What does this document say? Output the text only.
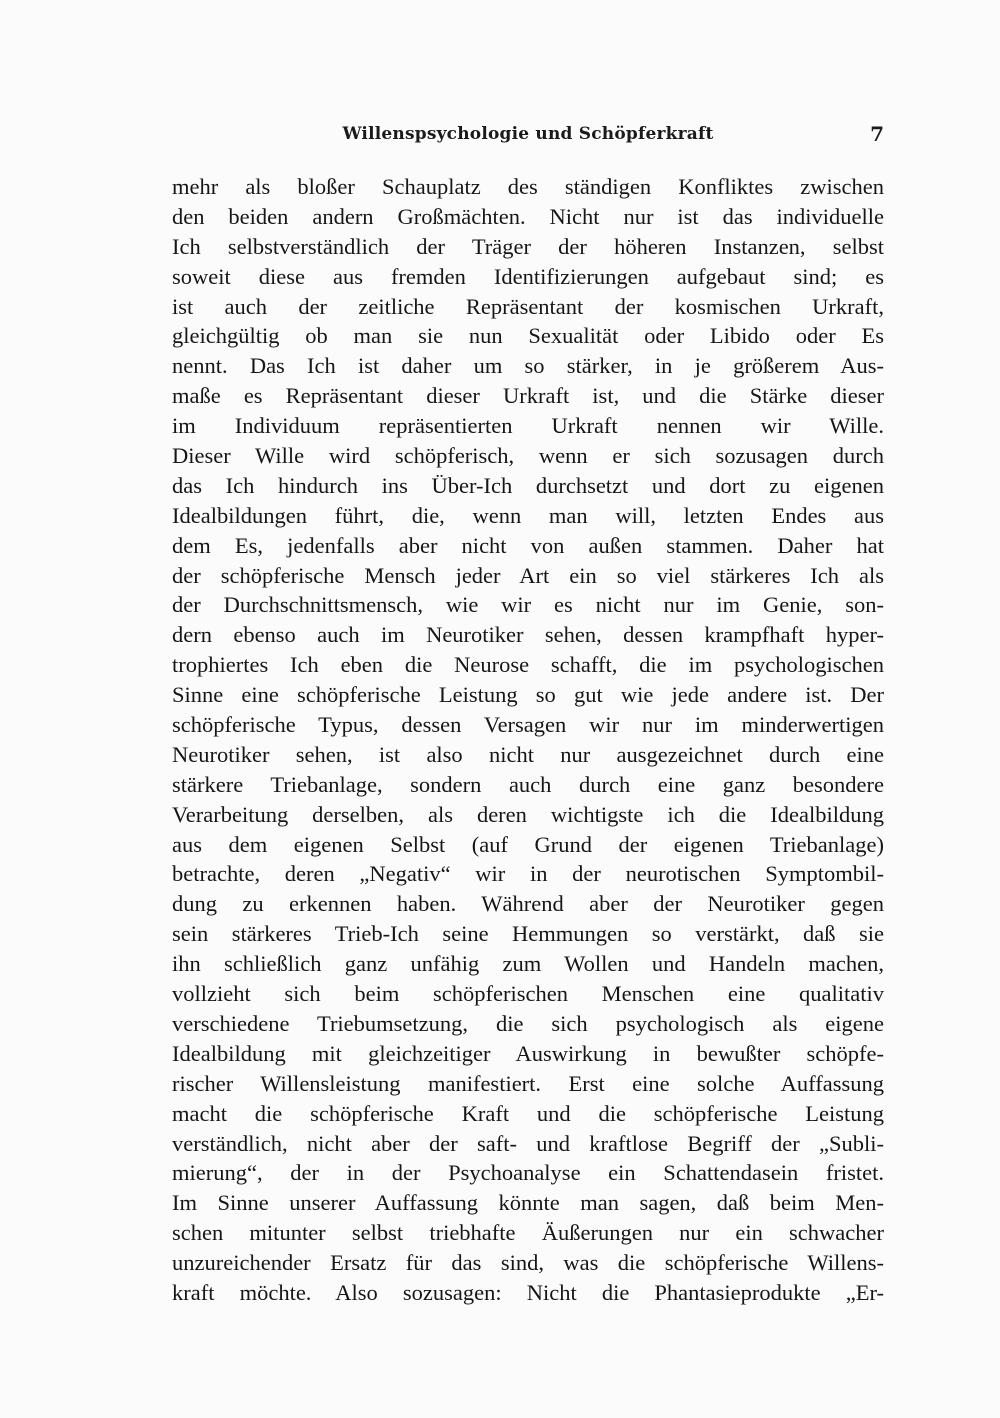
Willenspsychologie und Schöpferkraft	7
mehr als bloßer Schauplatz des ständigen Konfliktes zwischen
den beiden andern Großmächten. Nicht nur ist das individuelle
Ich selbstverständlich der Träger der höheren Instanzen, selbst
soweit diese aus fremden Identifizierungen aufgebaut sind; es
ist auch der zeitliche Repräsentant der kosmischen Urkraft,
gleichgültig ob man sie nun Sexualität oder Libido oder Es
nennt. Das Ich ist daher um so stärker, in je größerem Aus-
maße es Repräsentant dieser Urkraft ist, und die Stärke dieser
im Individuum repräsentierten Urkraft nennen wir Wille.
Dieser Wille wird schöpferisch, wenn er sich sozusagen durch
das Ich hindurch ins Über-Ich durchsetzt und dort zu eigenen
Idealbildungen führt, die, wenn man will, letzten Endes aus
dem Es, jedenfalls aber nicht von außen stammen. Daher hat
der schöpferische Mensch jeder Art ein so viel stärkeres Ich als
der Durchschnittsmensch, wie wir es nicht nur im Genie, son-
dern ebenso auch im Neurotiker sehen, dessen krampfhaft hyper-
trophiertes Ich eben die Neurose schafft, die im psychologischen
Sinne eine schöpferische Leistung so gut wie jede andere ist. Der
schöpferische Typus, dessen Versagen wir nur im minderwertigen
Neurotiker sehen, ist also nicht nur ausgezeichnet durch eine
stärkere Triebanlage, sondern auch durch eine ganz besondere
Verarbeitung derselben, als deren wichtigste ich die Idealbildung
aus dem eigenen Selbst (auf Grund der eigenen Triebanlage)
betrachte, deren „Negativ“ wir in der neurotischen Symptombil-
dung zu erkennen haben. Während aber der Neurotiker gegen
sein stärkeres Trieb-Ich seine Hemmungen so verstärkt, daß sie
ihn schließlich ganz unfähig zum Wollen und Handeln machen,
vollzieht sich beim schöpferischen Menschen eine qualitativ
verschiedene Triebumsetzung, die sich psychologisch als eigene
Idealbildung mit gleichzeitiger Auswirkung in bewußter schöpfe-
rischer Willensleistung manifestiert. Erst eine solche Auffassung
macht die schöpferische Kraft und die schöpferische Leistung
verständlich, nicht aber der saft- und kraftlose Begriff der „Subli-
mierung“, der in der Psychoanalyse ein Schattendasein fristet.
Im Sinne unserer Auffassung könnte man sagen, daß beim Men-
schen mitunter selbst triebhafte Äußerungen nur ein schwacher
unzureichender Ersatz für das sind, was die schöpferische Willens-
kraft möchte. Also sozusagen: Nicht die Phantasieprodukte „Er-
